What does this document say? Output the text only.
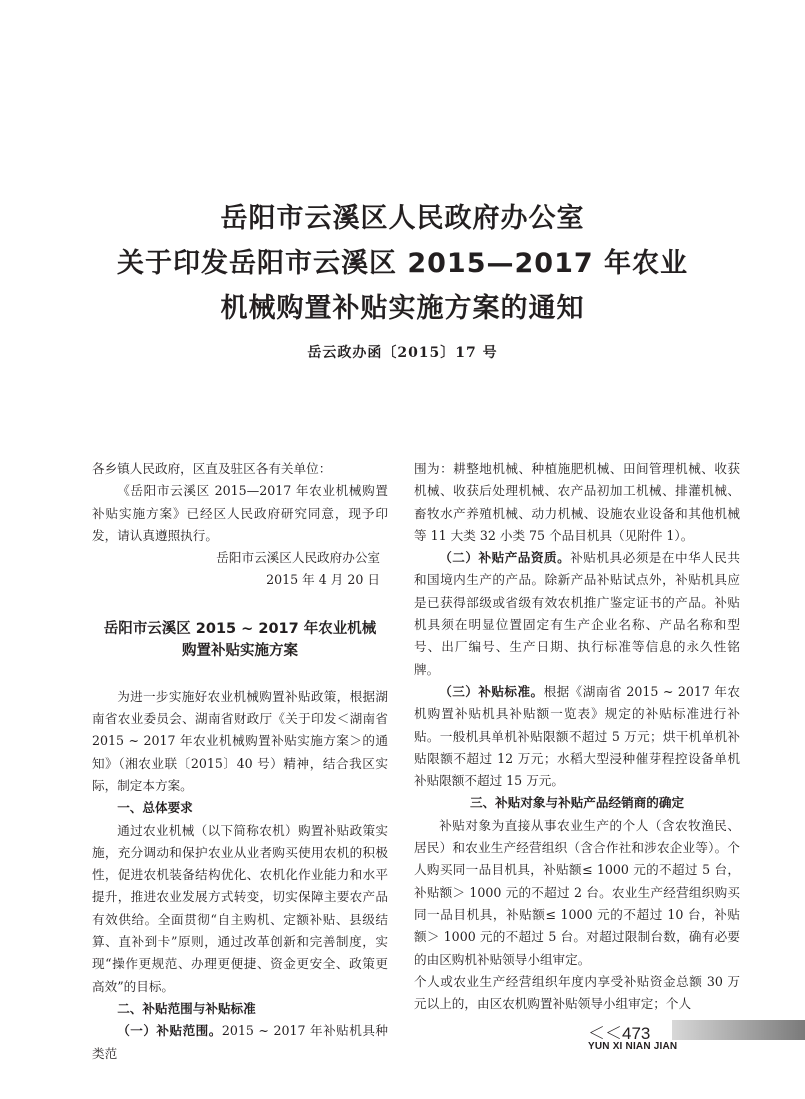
岳阳市云溪区人民政府办公室
关于印发岳阳市云溪区 2015—2017 年农业
机械购置补贴实施方案的通知
岳云政办函〔2015〕17 号

各乡镇人民政府，区直及驻区各有关单位：

《岳阳市云溪区 2015—2017 年农业机械购置补贴实施方案》已经区人民政府研究同意，现予印发，请认真遵照执行。

岳阳市云溪区人民政府办公室

2015 年 4 月 20 日

岳阳市云溪区 2015 ~ 2017 年农业机械
购置补贴实施方案

为进一步实施好农业机械购置补贴政策，根据湖南省农业委员会、湖南省财政厅《关于印发＜湖南省 2015 ~ 2017 年农业机械购置补贴实施方案＞的通知》（湘农业联〔2015〕40 号）精神，结合我区实际，制定本方案。

一、总体要求

通过农业机械（以下简称农机）购置补贴政策实施，充分调动和保护农业从业者购买使用农机的积极性，促进农机装备结构优化、农机化作业能力和水平提升，推进农业发展方式转变，切实保障主要农产品有效供给。全面贯彻“自主购机、定额补贴、县级结算、直补到卡”原则，通过改革创新和完善制度，实现“操作更规范、办理更便捷、资金更安全、政策更高效”的目标。

二、补贴范围与补贴标准

（一）补贴范围。2015 ~ 2017 年补贴机具种类范

围为：耕整地机械、种植施肥机械、田间管理机械、收获机械、收获后处理机械、农产品初加工机械、排灌机械、畜牧水产养殖机械、动力机械、设施农业设备和其他机械等 11 大类 32 小类 75 个品目机具（见附件 1）。

（二）补贴产品资质。补贴机具必须是在中华人民共和国境内生产的产品。除新产品补贴试点外，补贴机具应是已获得部级或省级有效农机推广鉴定证书的产品。补贴机具须在明显位置固定有生产企业名称、产品名称和型号、出厂编号、生产日期、执行标准等信息的永久性铭牌。

（三）补贴标准。根据《湖南省 2015 ~ 2017 年农机购置补贴机具补贴额一览表》规定的补贴标准进行补贴。一般机具单机补贴限额不超过 5 万元；烘干机单机补贴限额不超过 12 万元；水稻大型浸种催芽程控设备单机补贴限额不超过 15 万元。

三、补贴对象与补贴产品经销商的确定

补贴对象为直接从事农业生产的个人（含农牧渔民、居民）和农业生产经营组织（含合作社和涉农企业等）。个人购买同一品目机具，补贴额≤ 1000 元的不超过 5 台，补贴额＞ 1000 元的不超过 2 台。农业生产经营组织购买同一品目机具，补贴额≤ 1000 元的不超过 10 台，补贴额＞ 1000 元的不超过 5 台。对超过限制台数，确有必要的由区购机补贴领导小组审定。

个人或农业生产经营组织年度内享受补贴资金总额 30 万元以上的，由区农机购置补贴领导小组审定；个人

＜＜473
YUN XI NIAN JIAN
